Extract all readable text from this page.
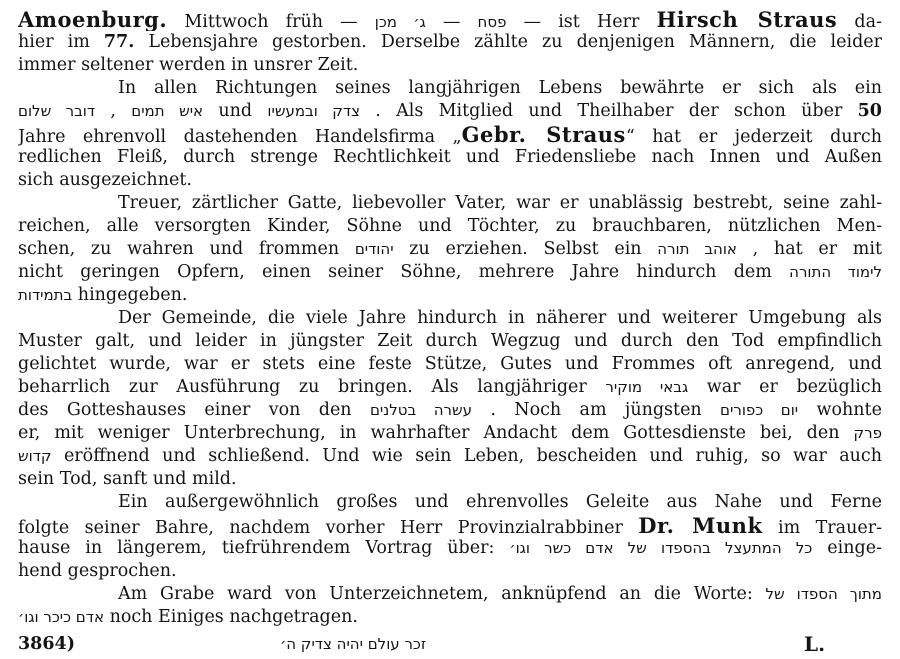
Amoenburg. Mittwoch früh —	פסח — ג׳ מכן	— ist Herr Hirsch Straus da-
hier im 77. Lebensjahre gestorben. Derselbe zählte zu denjenigen Männern, die leider
immer seltener werden in unsrer Zeit.
In allen Richtungen seines langjährigen Lebens bewährte er sich als ein
איש תמים , דובר שלום	und צדק ובמעשיו . Als Mitglied und Theilhaber der schon über 50
Jahre ehrenvoll dastehenden Handelsfirma „Gebr. Straus“ hat er jederzeit durch
redlichen Fleiß, durch strenge Rechtlichkeit und Friedensliebe nach Innen und Außen
sich ausgezeichnet.
Treuer, zärtlicher Gatte, liebevoller Vater, war er unablässig bestrebt, seine zahl-
reichen, alle versorgten Kinder, Söhne und Töchter, zu brauchbaren, nützlichen Men-
schen, zu wahren und frommen יהודים zu erziehen. Selbst ein אוהב תורה , hat er mit
nicht geringen Opfern, einen seiner Söhne, mehrere Jahre hindurch dem לימוד התורה
בתמידות hingegeben.
Der Gemeinde, die viele Jahre hindurch in näherer und weiterer Umgebung als
Muster galt, und leider in jüngster Zeit durch Wegzug und durch den Tod empfindlich
gelichtet wurde, war er stets eine feste Stütze, Gutes und Frommes oft anregend, und
beharrlich zur Ausführung zu bringen. Als langjähriger גבאי מוקיר war er bezüglich
des Gotteshauses einer von den עשרה בטלנים . Noch am jüngsten יום כפורים wohnte
er, mit weniger Unterbrechung, in wahrhafter Andacht dem Gottesdienste bei, den פרק
קדוש eröffnend und schließend. Und wie sein Leben, bescheiden und ruhig, so war auch
sein Tod, sanft und mild.
Ein außergewöhnlich großes und ehrenvolles Geleite aus Nahe und Ferne
folgte seiner Bahre, nachdem vorher Herr Provinzialrabbiner Dr. Munk im Trauer-
hause in längerem, tiefrührendem Vortrag über: כל המתעצל בהספדו של אדם כשר וגו׳ einge-
hend gesprochen.
Am Grabe ward von Unterzeichnetem, anknüpfend an die Worte: מתוך הספדו של
אדם כיכר וגו׳ noch Einiges nachgetragen.
3864)	זכר עולם יהיה צדיק ה׳	L.
